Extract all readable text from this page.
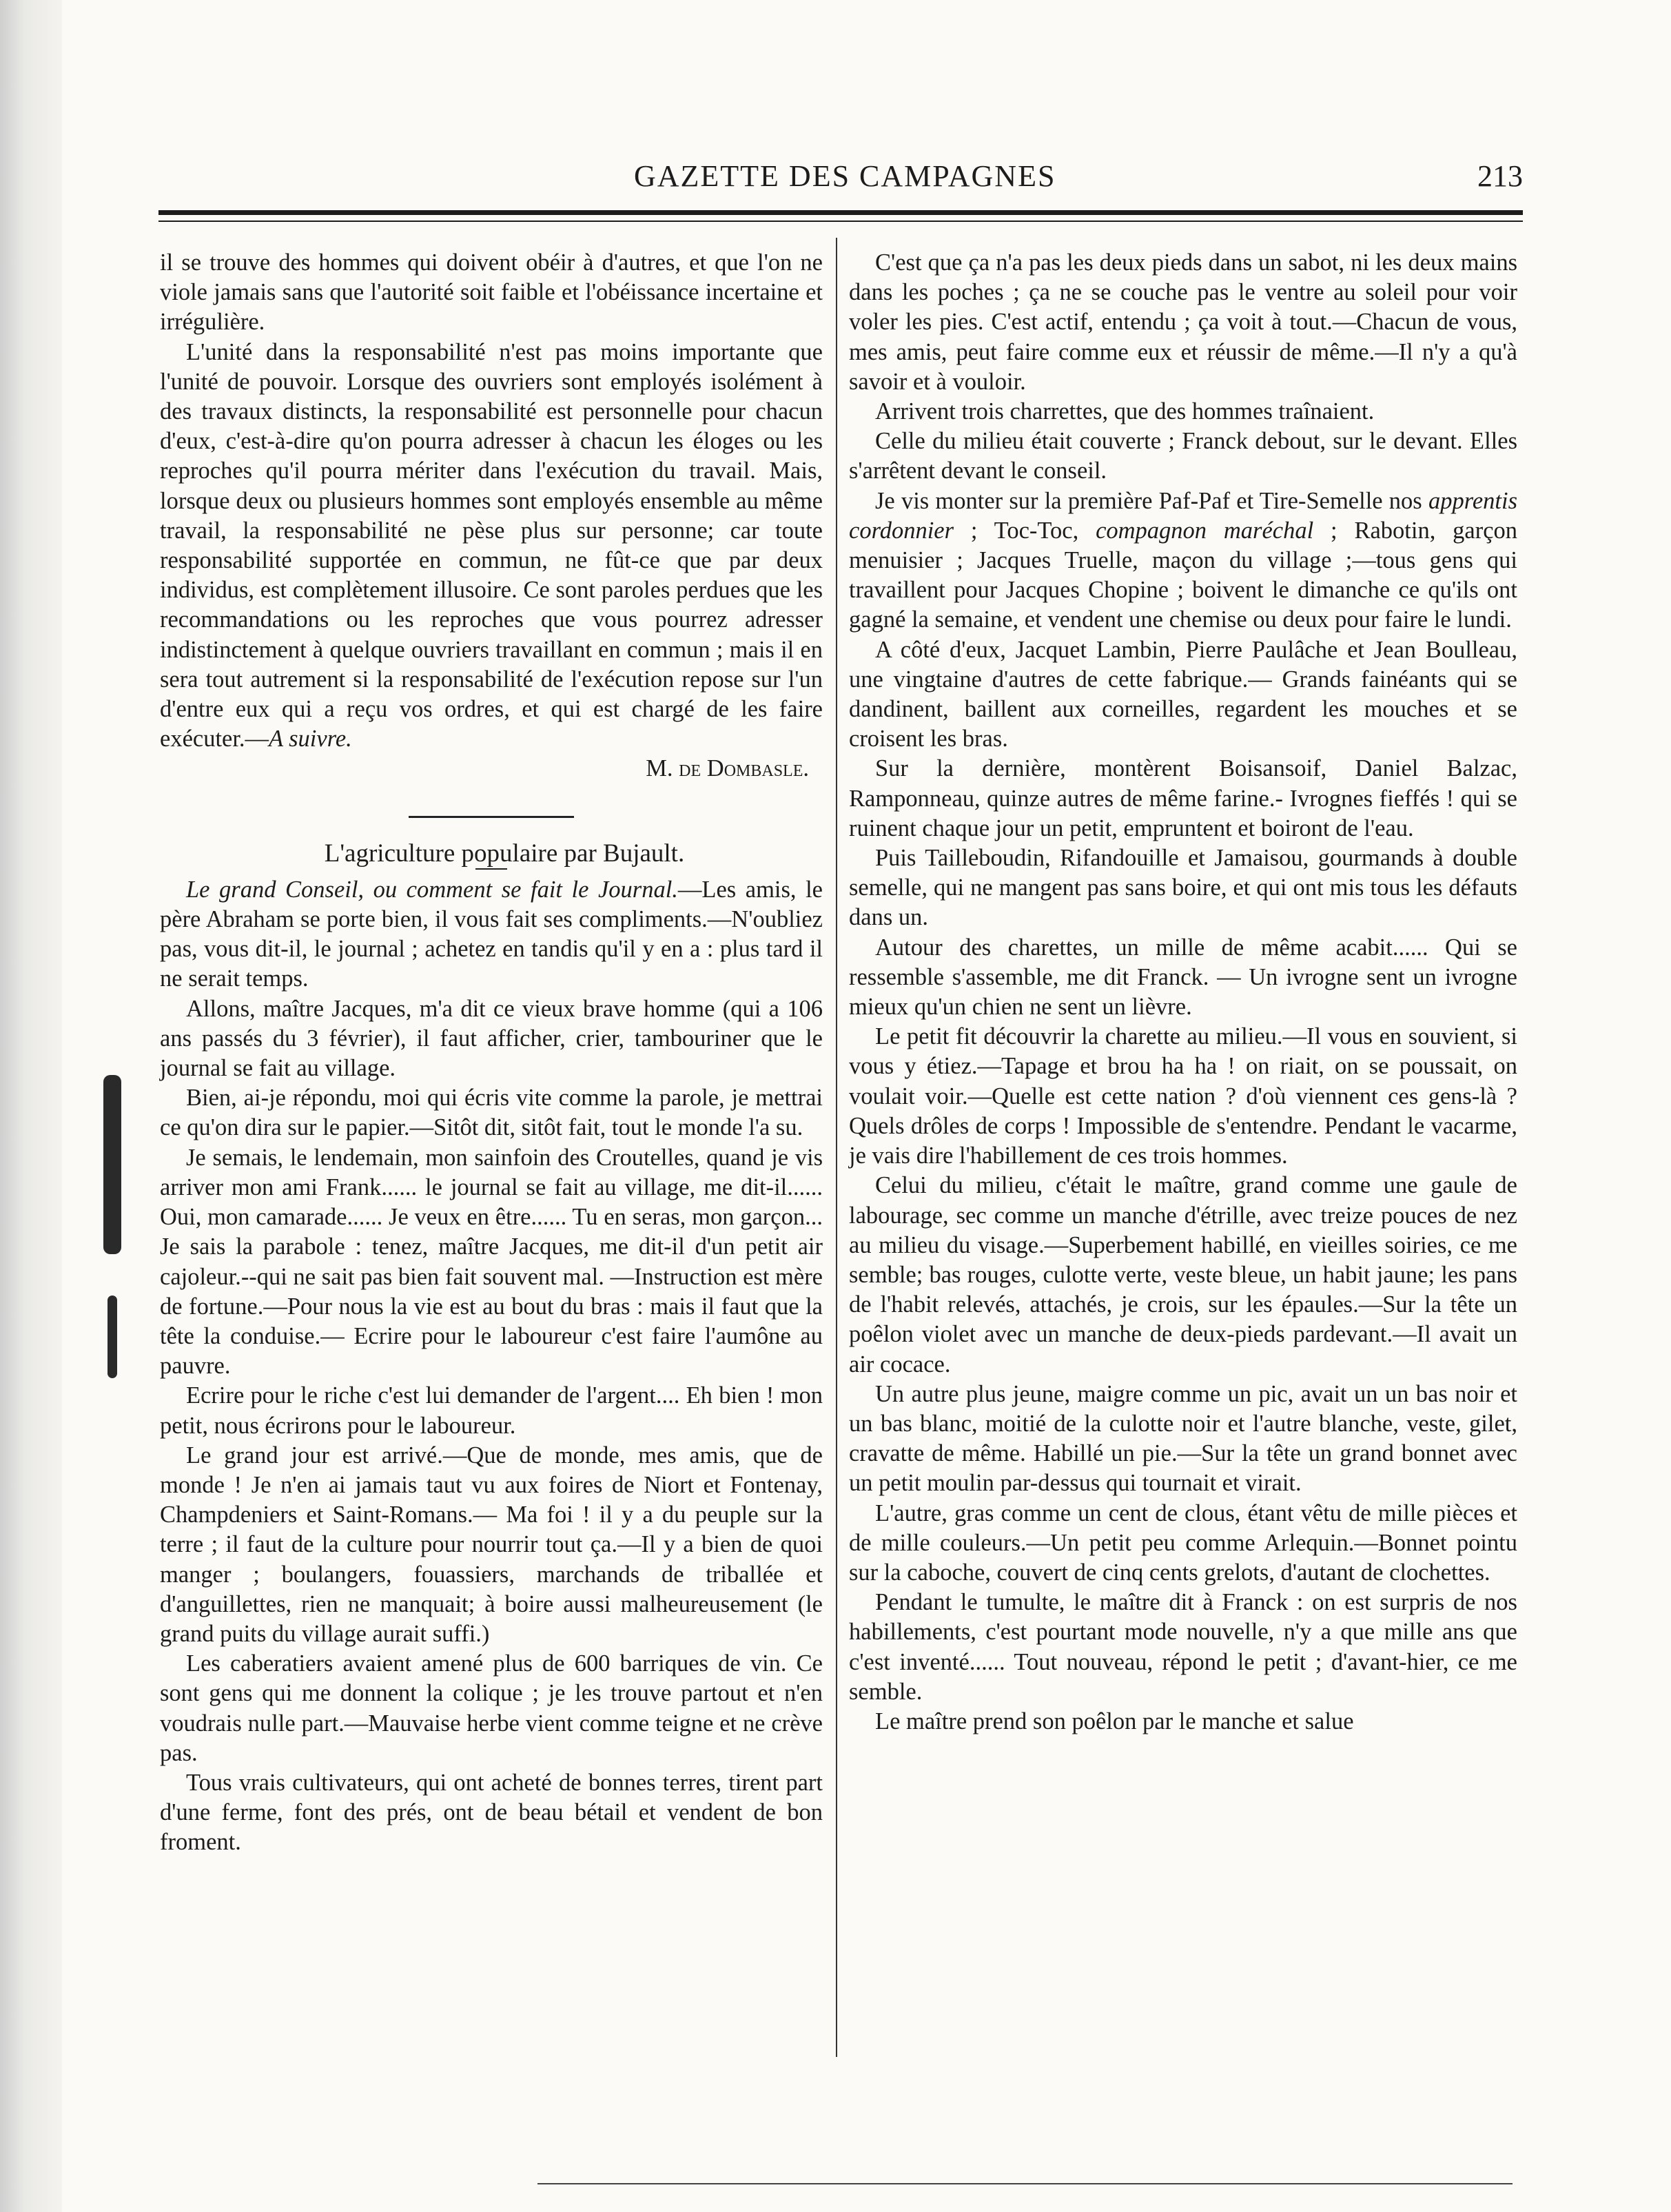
GAZETTE DES CAMPAGNES	213

il se trouve des hommes qui doivent obéir à d'autres, et que l'on ne viole jamais sans que l'autorité soit faible et l'obéissance incertaine et irrégulière.

L'unité dans la responsabilité n'est pas moins importante que l'unité de pouvoir. Lorsque des ouvriers sont employés isolément à des travaux distincts, la responsabilité est personnelle pour chacun d'eux, c'est-à-dire qu'on pourra adresser à chacun les éloges ou les reproches qu'il pourra mériter dans l'exécution du travail. Mais, lorsque deux ou plusieurs hommes sont employés ensemble au même travail, la responsabilité ne pèse plus sur personne; car toute responsabilité supportée en commun, ne fût-ce que par deux individus, est complètement illusoire. Ce sont paroles perdues que les recommandations ou les reproches que vous pourrez adresser indistinctement à quelque ouvriers travaillant en commun ; mais il en sera tout autrement si la responsabilité de l'exécution repose sur l'un d'entre eux qui a reçu vos ordres, et qui est chargé de les faire exécuter.—A suivre.

M. de Dombasle.

L'agriculture populaire par Bujault.

Le grand Conseil, ou comment se fait le Journal.—Les amis, le père Abraham se porte bien, il vous fait ses compliments.—N'oubliez pas, vous dit-il, le journal ; achetez en tandis qu'il y en a : plus tard il ne serait temps.

Allons, maître Jacques, m'a dit ce vieux brave homme (qui a 106 ans passés du 3 février), il faut afficher, crier, tambouriner que le journal se fait au village.

Bien, ai-je répondu, moi qui écris vite comme la parole, je mettrai ce qu'on dira sur le papier.—Sitôt dit, sitôt fait, tout le monde l'a su.

Je semais, le lendemain, mon sainfoin des Croutelles, quand je vis arriver mon ami Frank...... le journal se fait au village, me dit-il...... Oui, mon camarade...... Je veux en être...... Tu en seras, mon garçon... Je sais la parabole : tenez, maître Jacques, me dit-il d'un petit air cajoleur.--qui ne sait pas bien fait souvent mal. —Instruction est mère de fortune.—Pour nous la vie est au bout du bras : mais il faut que la tête la conduise.— Ecrire pour le laboureur c'est faire l'aumône au pauvre.

Ecrire pour le riche c'est lui demander de l'argent.... Eh bien ! mon petit, nous écrirons pour le laboureur.

Le grand jour est arrivé.—Que de monde, mes amis, que de monde ! Je n'en ai jamais taut vu aux foires de Niort et Fontenay, Champdeniers et Saint-Romans.— Ma foi ! il y a du peuple sur la terre ; il faut de la culture pour nourrir tout ça.—Il y a bien de quoi manger ; boulangers, fouassiers, marchands de triballée et d'anguillettes, rien ne manquait; à boire aussi malheureusement (le grand puits du village aurait suffi.)

Les caberatiers avaient amené plus de 600 barriques de vin. Ce sont gens qui me donnent la colique ; je les trouve partout et n'en voudrais nulle part.—Mauvaise herbe vient comme teigne et ne crève pas.

Tous vrais cultivateurs, qui ont acheté de bonnes terres, tirent part d'une ferme, font des prés, ont de beau bétail et vendent de bon froment.

C'est que ça n'a pas les deux pieds dans un sabot, ni les deux mains dans les poches ; ça ne se couche pas le ventre au soleil pour voir voler les pies. C'est actif, entendu ; ça voit à tout.—Chacun de vous, mes amis, peut faire comme eux et réussir de même.—Il n'y a qu'à savoir et à vouloir.

Arrivent trois charrettes, que des hommes traînaient.

Celle du milieu était couverte ; Franck debout, sur le devant. Elles s'arrêtent devant le conseil.

Je vis monter sur la première Paf-Paf et Tire-Semelle nos apprentis cordonnier ; Toc-Toc, compagnon maréchal ; Rabotin, garçon menuisier ; Jacques Truelle, maçon du village ;—tous gens qui travaillent pour Jacques Chopine ; boivent le dimanche ce qu'ils ont gagné la semaine, et vendent une chemise ou deux pour faire le lundi.

A côté d'eux, Jacquet Lambin, Pierre Paulâche et Jean Boulleau, une vingtaine d'autres de cette fabrique.— Grands fainéants qui se dandinent, baillent aux corneilles, regardent les mouches et se croisent les bras.

Sur la dernière, montèrent Boisansoif, Daniel Balzac, Ramponneau, quinze autres de même farine.- Ivrognes fieffés ! qui se ruinent chaque jour un petit, empruntent et boiront de l'eau.

Puis Tailleboudin, Rifandouille et Jamaisou, gourmands à double semelle, qui ne mangent pas sans boire, et qui ont mis tous les défauts dans un.

Autour des charettes, un mille de même acabit...... Qui se ressemble s'assemble, me dit Franck. — Un ivrogne sent un ivrogne mieux qu'un chien ne sent un lièvre.

Le petit fit découvrir la charette au milieu.—Il vous en souvient, si vous y étiez.—Tapage et brou ha ha ! on riait, on se poussait, on voulait voir.—Quelle est cette nation ? d'où viennent ces gens-là ? Quels drôles de corps ! Impossible de s'entendre. Pendant le vacarme, je vais dire l'habillement de ces trois hommes.

Celui du milieu, c'était le maître, grand comme une gaule de labourage, sec comme un manche d'étrille, avec treize pouces de nez au milieu du visage.—Superbement habillé, en vieilles soiries, ce me semble; bas rouges, culotte verte, veste bleue, un habit jaune; les pans de l'habit relevés, attachés, je crois, sur les épaules.—Sur la tête un poêlon violet avec un manche de deux-pieds pardevant.—Il avait un air cocace.

Un autre plus jeune, maigre comme un pic, avait un un bas noir et un bas blanc, moitié de la culotte noir et l'autre blanche, veste, gilet, cravatte de même. Habillé un pie.—Sur la tête un grand bonnet avec un petit moulin par-dessus qui tournait et virait.

L'autre, gras comme un cent de clous, étant vêtu de mille pièces et de mille couleurs.—Un petit peu comme Arlequin.—Bonnet pointu sur la caboche, couvert de cinq cents grelots, d'autant de clochettes.

Pendant le tumulte, le maître dit à Franck : on est surpris de nos habillements, c'est pourtant mode nouvelle, n'y a que mille ans que c'est inventé...... Tout nouveau, répond le petit ; d'avant-hier, ce me semble.

Le maître prend son poêlon par le manche et salue
